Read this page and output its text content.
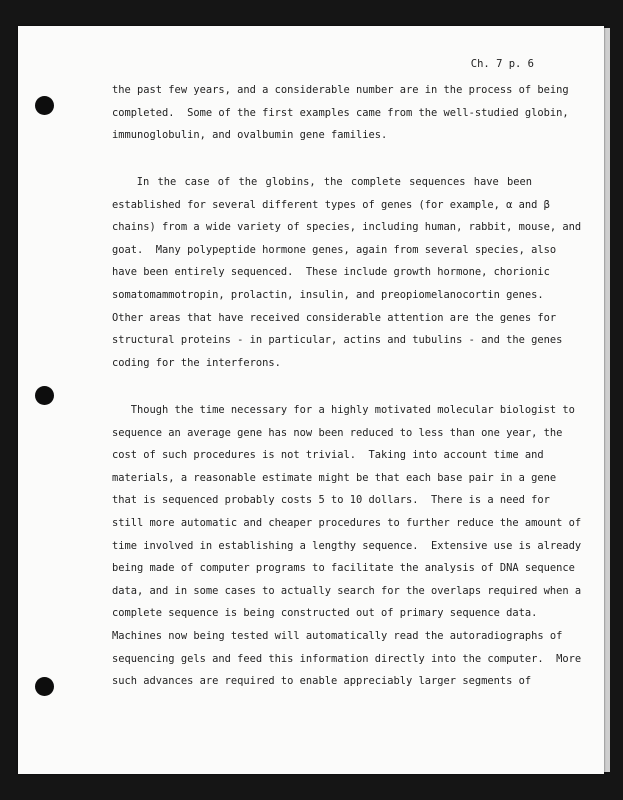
Ch. 7 p. 6
the past few years, and a considerable number are in the process of being
completed.  Some of the first examples came from the well-studied globin,
immunoglobulin, and ovalbumin gene families.
In the case of the globins, the complete sequences have been
established for several different types of genes (for example, α and β
chains) from a wide variety of species, including human, rabbit, mouse, and
goat.  Many polypeptide hormone genes, again from several species, also
have been entirely sequenced.  These include growth hormone, chorionic
somatomammotropin, prolactin, insulin, and preopiomelanocortin genes.
Other areas that have received considerable attention are the genes for
structural proteins - in particular, actins and tubulins - and the genes
coding for the interferons.
Though the time necessary for a highly motivated molecular biologist to
sequence an average gene has now been reduced to less than one year, the
cost of such procedures is not trivial.  Taking into account time and
materials, a reasonable estimate might be that each base pair in a gene
that is sequenced probably costs 5 to 10 dollars.  There is a need for
still more automatic and cheaper procedures to further reduce the amount of
time involved in establishing a lengthy sequence.  Extensive use is already
being made of computer programs to facilitate the analysis of DNA sequence
data, and in some cases to actually search for the overlaps required when a
complete sequence is being constructed out of primary sequence data.
Machines now being tested will automatically read the autoradiographs of
sequencing gels and feed this information directly into the computer.  More
such advances are required to enable appreciably larger segments of
